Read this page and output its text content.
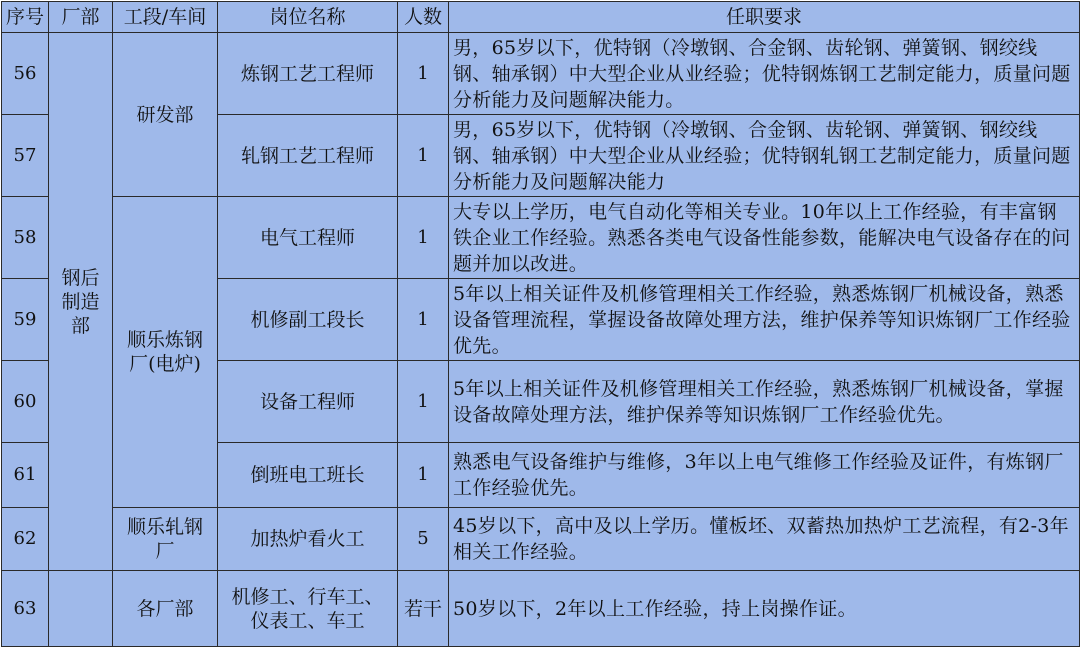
序号	厂部	工段/车间	岗位名称	人数	任职要求
56	钢后制造部	研发部	炼钢工艺工程师	1	男，65岁以下，优特钢（冷墩钢、合金钢、齿轮钢、弹簧钢、钢绞线钢、轴承钢）中大型企业从业经验；优特钢炼钢工艺制定能力，质量问题分析能力及问题解决能力。
57			轧钢工艺工程师	1	男，65岁以下，优特钢（冷墩钢、合金钢、齿轮钢、弹簧钢、钢绞线钢、轴承钢）中大型企业从业经验；优特钢轧钢工艺制定能力，质量问题分析能力及问题解决能力
58		顺乐炼钢厂(电炉)	电气工程师	1	大专以上学历，电气自动化等相关专业。10年以上工作经验，有丰富钢铁企业工作经验。熟悉各类电气设备性能参数，能解决电气设备存在的问题并加以改进。
59			机修副工段长	1	5年以上相关证件及机修管理相关工作经验，熟悉炼钢厂机械设备，熟悉设备管理流程，掌握设备故障处理方法，维护保养等知识炼钢厂工作经验优先。
60			设备工程师	1	5年以上相关证件及机修管理相关工作经验，熟悉炼钢厂机械设备，掌握设备故障处理方法，维护保养等知识炼钢厂工作经验优先。
61			倒班电工班长	1	熟悉电气设备维护与维修，3年以上电气维修工作经验及证件，有炼钢厂工作经验优先。
62		顺乐轧钢厂	加热炉看火工	5	45岁以下，高中及以上学历。懂板坯、双蓄热加热炉工艺流程，有2-3年相关工作经验。
63		各厂部	机修工、行车工、仪表工、车工	若干	50岁以下，2年以上工作经验，持上岗操作证。
